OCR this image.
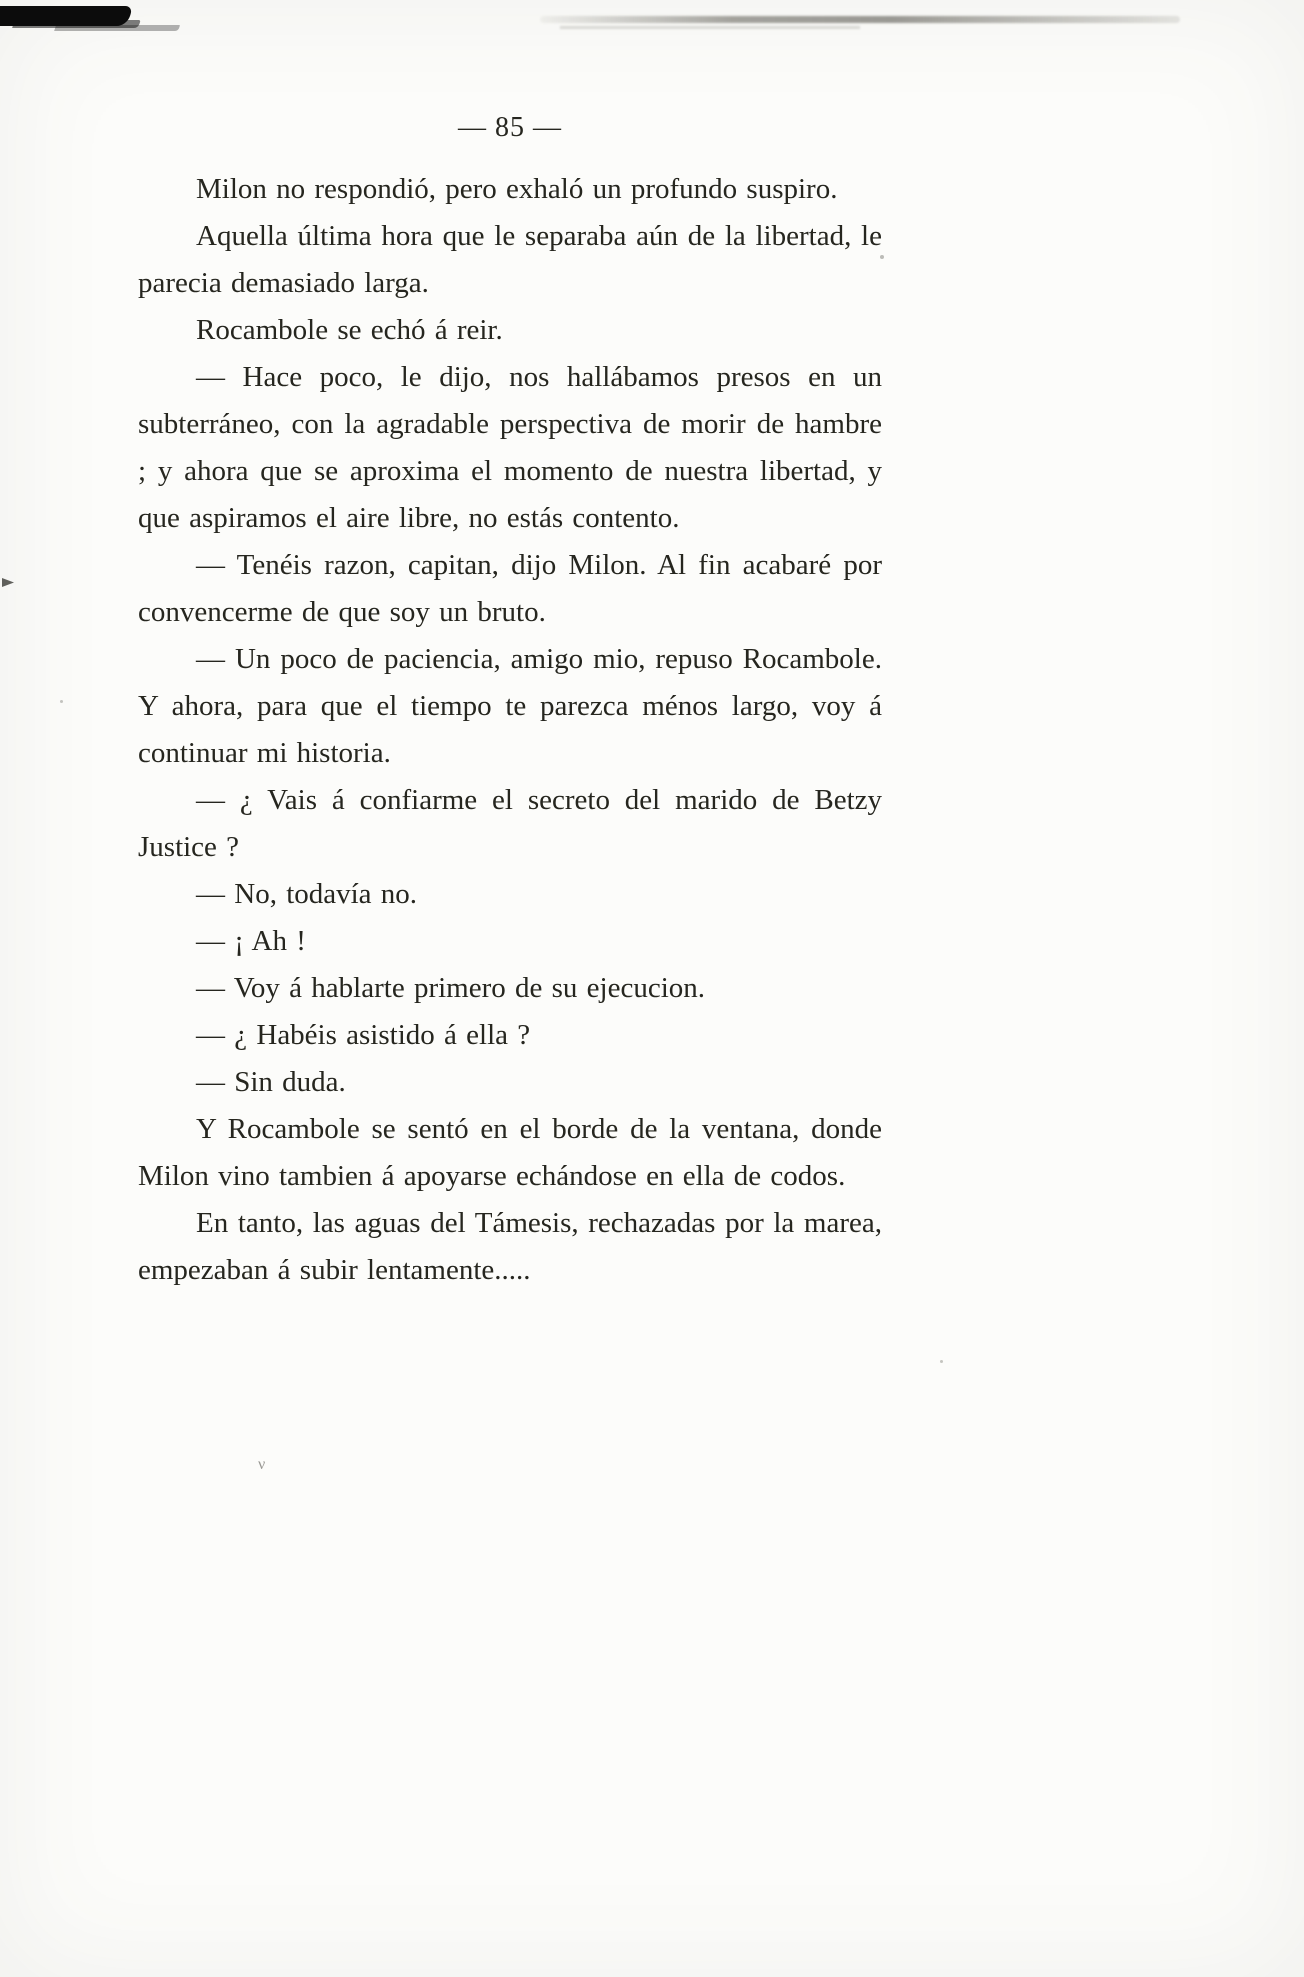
ν
— 85 —

Milon no respondió, pero exhaló un profundo suspiro.

Aquella última hora que le separaba aún de la libertad, le parecia demasiado larga.

Rocambole se echó á reir.

— Hace poco, le dijo, nos hallábamos presos en un subterráneo, con la agradable perspectiva de morir de hambre ; y ahora que se aproxima el momento de nuestra libertad, y que aspiramos el aire libre, no estás contento.

— Tenéis razon, capitan, dijo Milon. Al fin acabaré por convencerme de que soy un bruto.

— Un poco de paciencia, amigo mio, repuso Rocambole. Y ahora, para que el tiempo te parezca ménos largo, voy á continuar mi historia.

— ¿ Vais á confiarme el secreto del marido de Betzy Justice ?

— No, todavía no.

— ¡ Ah !

— Voy á hablarte primero de su ejecucion.

— ¿ Habéis asistido á ella ?

— Sin duda.

Y Rocambole se sentó en el borde de la ventana, donde Milon vino tambien á apoyarse echándose en ella de codos.

En tanto, las aguas del Támesis, rechazadas por la marea, empezaban á subir lentamente.....
